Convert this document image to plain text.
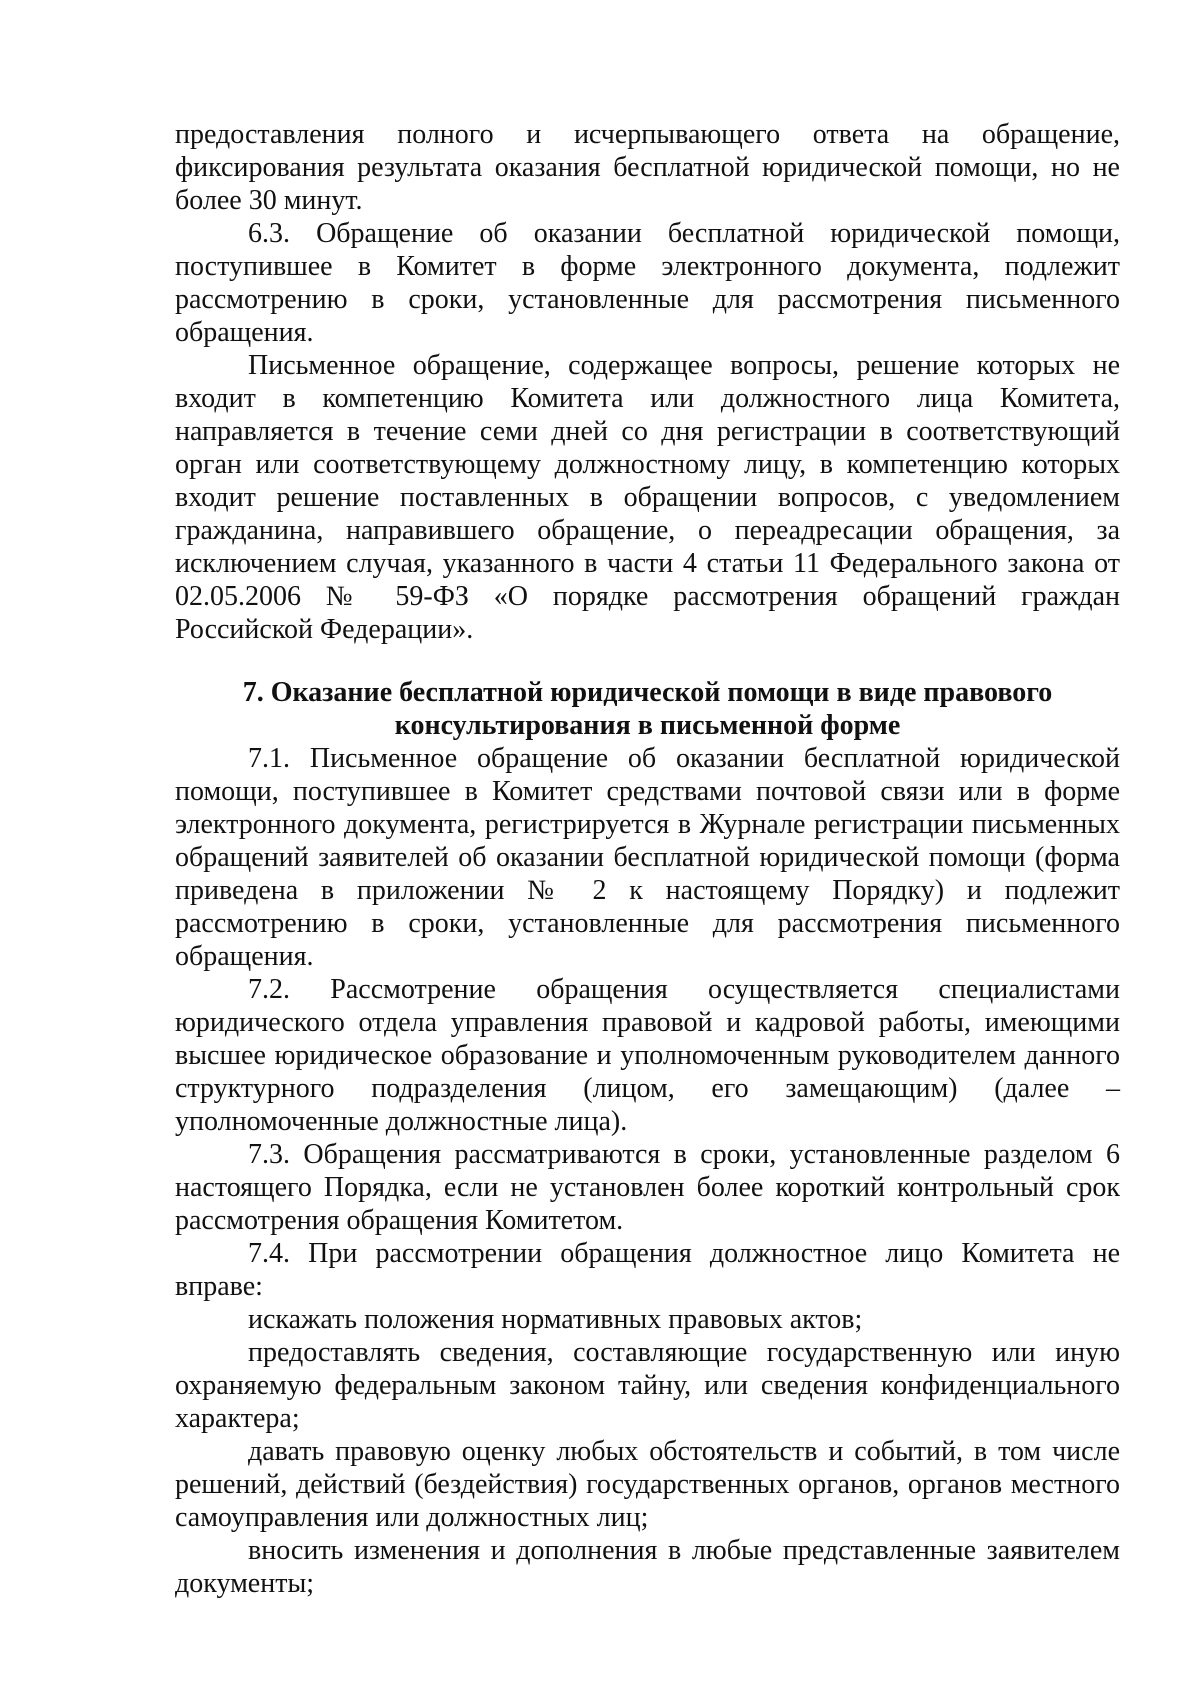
предоставления полного и исчерпывающего ответа на обращение, фиксирования результата оказания бесплатной юридической помощи, но не более 30 минут.

6.3. Обращение об оказании бесплатной юридической помощи, поступившее в Комитет в форме электронного документа, подлежит рассмотрению в сроки, установленные для рассмотрения письменного обращения.

Письменное обращение, содержащее вопросы, решение которых не входит в компетенцию Комитета или должностного лица Комитета, направляется в течение семи дней со дня регистрации в соответствующий орган или соответствующему должностному лицу, в компетенцию которых входит решение поставленных в обращении вопросов, с уведомлением гражданина, направившего обращение, о переадресации обращения, за исключением случая, указанного в части 4 статьи 11 Федерального закона от 02.05.2006 № 59-ФЗ «О порядке рассмотрения обращений граждан Российской Федерации».

7. Оказание бесплатной юридической помощи в виде правового
консультирования в письменной форме

7.1. Письменное обращение об оказании бесплатной юридической помощи, поступившее в Комитет средствами почтовой связи или в форме электронного документа, регистрируется в Журнале регистрации письменных обращений заявителей об оказании бесплатной юридической помощи (форма приведена в приложении № 2 к настоящему Порядку) и подлежит рассмотрению в сроки, установленные для рассмотрения письменного обращения.

7.2. Рассмотрение обращения осуществляется специалистами юридического отдела управления правовой и кадровой работы, имеющими высшее юридическое образование и уполномоченным руководителем данного структурного подразделения (лицом, его замещающим) (далее – уполномоченные должностные лица).

7.3. Обращения рассматриваются в сроки, установленные разделом 6 настоящего Порядка, если не установлен более короткий контрольный срок рассмотрения обращения Комитетом.

7.4. При рассмотрении обращения должностное лицо Комитета не вправе:

искажать положения нормативных правовых актов;

предоставлять сведения, составляющие государственную или иную охраняемую федеральным законом тайну, или сведения конфиденциального характера;

давать правовую оценку любых обстоятельств и событий, в том числе решений, действий (бездействия) государственных органов, органов местного самоуправления или должностных лиц;

вносить изменения и дополнения в любые представленные заявителем документы;
